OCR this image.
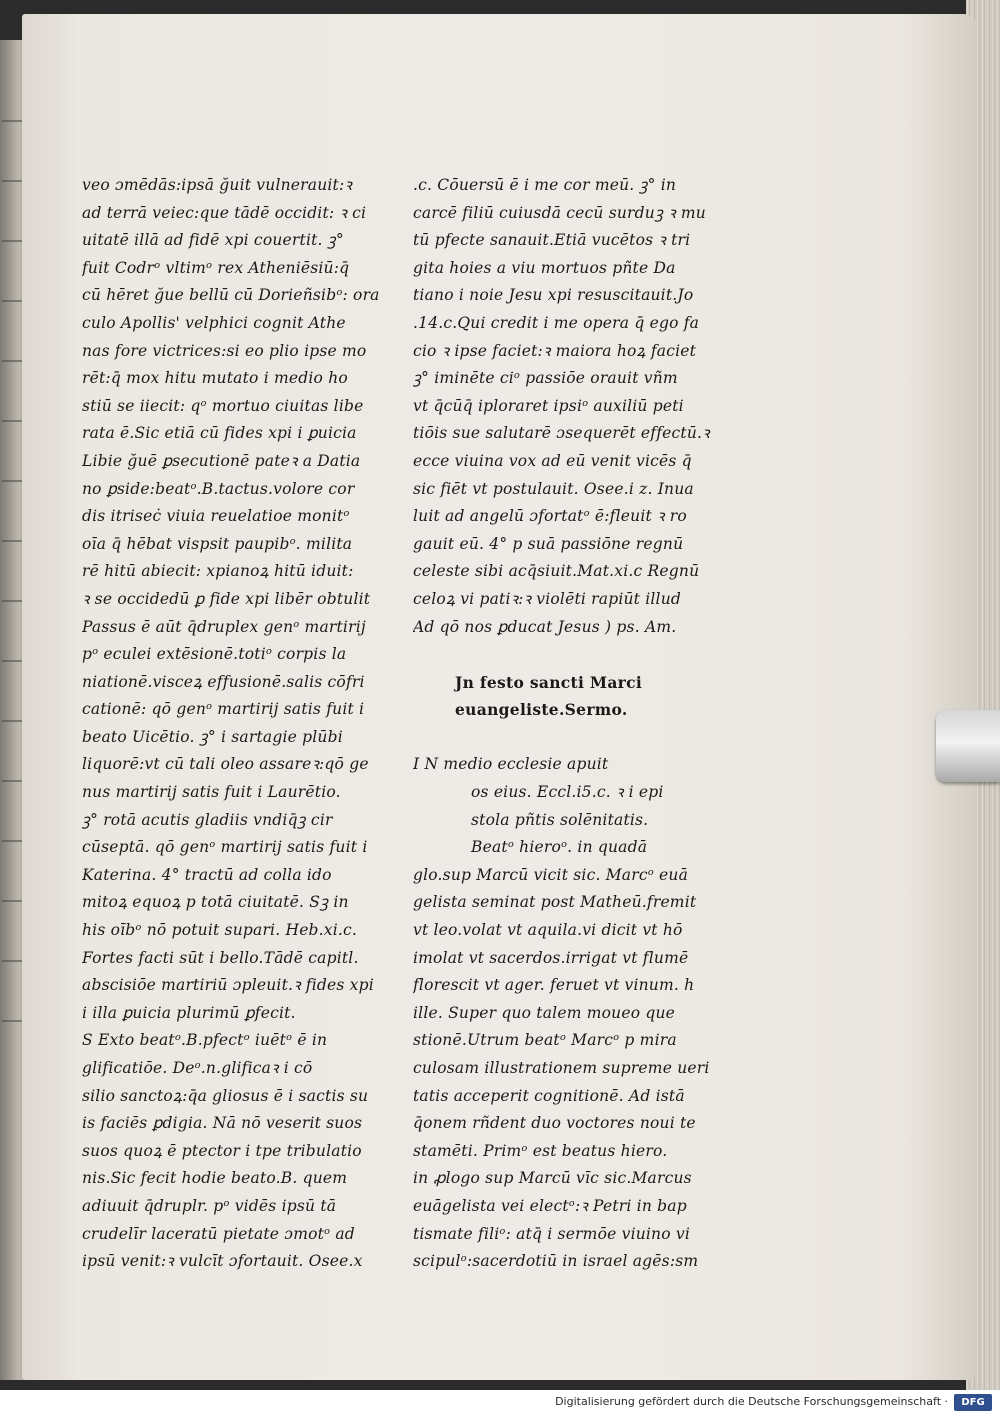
veo ɔmēdās:ipsā ğuit vulnerauit:ꝛ
ad terrā veiec:que tādē occidit: ꝛ ci
uitatē illā ad fidē xpi couertit. ꝫ°
fuit Codrᵒ vltimᵒ rex Atheniēsiū:q̄
cū hēret ğue bellū cū Dorieñsibᵒ: ora
culo Apollis' velphici cognit Athe
nas fore victrices:si eo plio ipse mo
rēt:q̄ mox hitu mutato i medio ho
stiū se iiecit: qᵒ mortuo ciuitas libe
rata ē.Sic etiā cū fides xpi i ꝑuicia
Libie ğuē ꝑsecutionē pateꝛ a Datia
no ꝑside:beatᵒ.B.tactus.volore cor
dis itriseċ viuia reuelatioe monitᵒ
oīa q̄ hēbat vispsit paupibᵒ. milita
rē hitū abiecit: xpianoꝝ hitū iduit:
ꝛ se occidedū ꝑ fide xpi libēr obtulit
Passus ē aūt q̄druplex genᵒ martirij
pᵒ eculei extēsionē.totiᵒ corpis la
niationē.visceꝝ effusionē.salis cōfri
cationē: qō genᵒ martirij satis fuit i
beato Uicētio. ꝫ° i sartagie plūbi
liquorē:vt cū tali oleo assareꝛ:qō ge
nus martirij satis fuit i Laurētio.
ꝫ° rotā acutis gladiis vndiq̄ꝫ cir
cūseptā. qō genᵒ martirij satis fuit i
Katerina. 4° tractū ad colla ido
mitoꝝ equoꝝ p totā ciuitatē. Sꝫ in
his oībᵒ nō potuit supari. Heb.xi.c.
Fortes facti sūt i bello.Tādē capitl.
abscisiōe martiriū ɔpleuit.ꝛ fides xpi
i illa ꝑuicia plurimū ꝑfecit.
S Exto beatᵒ.B.pfectᵒ iuētᵒ ē in
glificatiōe. Deᵒ.n.glificaꝛ i cō
silio sanctoꝝ:q̄a gliosus ē i sactis su
is faciēs ꝑdigia. Nā nō veserit suos
suos quoꝝ ē ptector i tpe tribulatio
nis.Sic fecit hodie beato.B. quem
adiuuit q̄druplr. pᵒ vidēs ipsū tā
crudelīr laceratū pietate ɔmotᵒ ad
ipsū venit:ꝛ vulcīt ɔfortauit. Osee.x
.c. Cōuersū ē i me cor meū. ꝫ° in
carcē filiū cuiusdā cecū surduꝫ ꝛ mu
tū pfecte sanauit.Etiā vucētos ꝛ tri
gita hoies a viu mortuos pñte Da
tiano i noie Jesu xpi resuscitauit.Jo
.14.c.Qui credit i me opera q̄ ego fa
cio ꝛ ipse faciet:ꝛ maiora hoꝝ faciet
ꝫ° iminēte ciᵒ passiōe orauit vñm
vt q̄cūq̄ iploraret ipsiᵒ auxiliū peti
tiōis sue salutarē ɔsequerēt effectū.ꝛ
ecce viuina vox ad eū venit vicēs q̄
sic fiēt vt postulauit. Osee.i z. Inua
luit ad angelū ɔfortatᵒ ē:fleuit ꝛ ro
gauit eū. 4° p suā passiōne regnū
celeste sibi acq̄siuit.Mat.xi.c Regnū
celoꝝ vi patiꝛ:ꝛ violēti rapiūt illud
Ad qō nos ꝑducat Jesus ) ps. Am.
Jn festo sancti Marci
euangeliste.Sermo.
I N medio ecclesie apuit
os eius. Eccl.i5.c. ꝛ i epi
stola pñtis solēnitatis.
Beatᵒ hieroᵒ. in quadā
glo.sup Marcū vicit sic. Marcᵒ euā
gelista seminat post Matheū.fremit
vt leo.volat vt aquila.vi dicit vt hō
imolat vt sacerdos.irrigat vt flumē
florescit vt ager. feruet vt vinum. h
ille. Super quo talem moueo que
stionē.Utrum beatᵒ Marcᵒ p mira
culosam illustrationem supreme ueri
tatis acceperit cognitionē. Ad istā
q̄onem rñdent duo voctores noui te
stamēti. Primᵒ est beatus hiero.
in ꝓlogo sup Marcū vīc sic.Marcus
euāgelista vei electᵒ:ꝛ Petri in bap
tismate filiᵒ: atq̄ i sermōe viuino vi
scipulᵒ:sacerdotiū in israel agēs:sm
Digitalisierung gefördert durch die Deutsche Forschungsgemeinschaft ·	DFG
